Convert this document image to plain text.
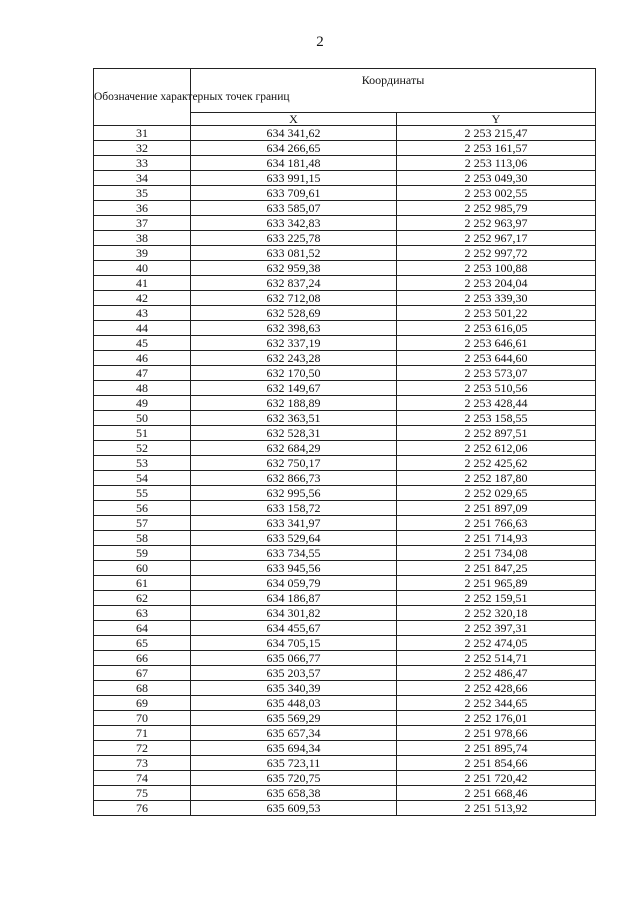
2
Обозначение характерных точек границ	Координаты	
	X	Y
31	634 341,62	2 253 215,47
32	634 266,65	2 253 161,57
33	634 181,48	2 253 113,06
34	633 991,15	2 253 049,30
35	633 709,61	2 253 002,55
36	633 585,07	2 252 985,79
37	633 342,83	2 252 963,97
38	633 225,78	2 252 967,17
39	633 081,52	2 252 997,72
40	632 959,38	2 253 100,88
41	632 837,24	2 253 204,04
42	632 712,08	2 253 339,30
43	632 528,69	2 253 501,22
44	632 398,63	2 253 616,05
45	632 337,19	2 253 646,61
46	632 243,28	2 253 644,60
47	632 170,50	2 253 573,07
48	632 149,67	2 253 510,56
49	632 188,89	2 253 428,44
50	632 363,51	2 253 158,55
51	632 528,31	2 252 897,51
52	632 684,29	2 252 612,06
53	632 750,17	2 252 425,62
54	632 866,73	2 252 187,80
55	632 995,56	2 252 029,65
56	633 158,72	2 251 897,09
57	633 341,97	2 251 766,63
58	633 529,64	2 251 714,93
59	633 734,55	2 251 734,08
60	633 945,56	2 251 847,25
61	634 059,79	2 251 965,89
62	634 186,87	2 252 159,51
63	634 301,82	2 252 320,18
64	634 455,67	2 252 397,31
65	634 705,15	2 252 474,05
66	635 066,77	2 252 514,71
67	635 203,57	2 252 486,47
68	635 340,39	2 252 428,66
69	635 448,03	2 252 344,65
70	635 569,29	2 252 176,01
71	635 657,34	2 251 978,66
72	635 694,34	2 251 895,74
73	635 723,11	2 251 854,66
74	635 720,75	2 251 720,42
75	635 658,38	2 251 668,46
76	635 609,53	2 251 513,92
